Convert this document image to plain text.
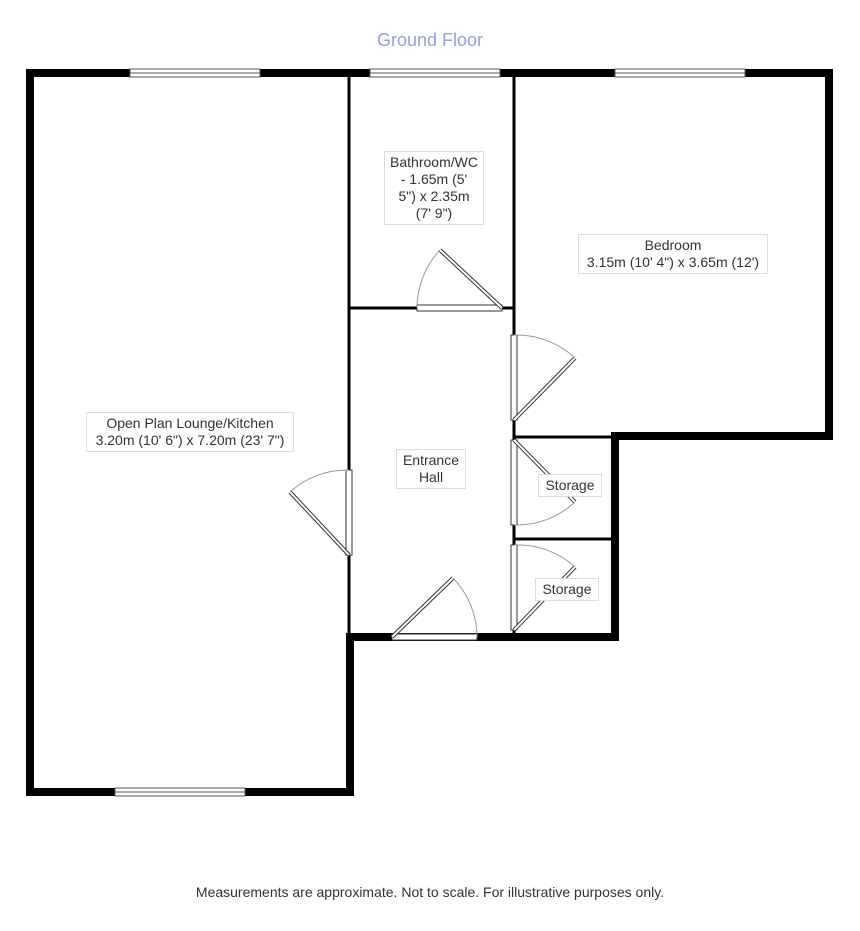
Ground Floor
Bathroom/WC
- 1.65m (5'
5") x 2.35m
(7' 9")
Bedroom
3.15m (10' 4") x 3.65m (12')
Open Plan Lounge/Kitchen
3.20m (10' 6") x 7.20m (23' 7")
Entrance
Hall	Storage
Storage
Measurements are approximate. Not to scale. For illustrative purposes only.
